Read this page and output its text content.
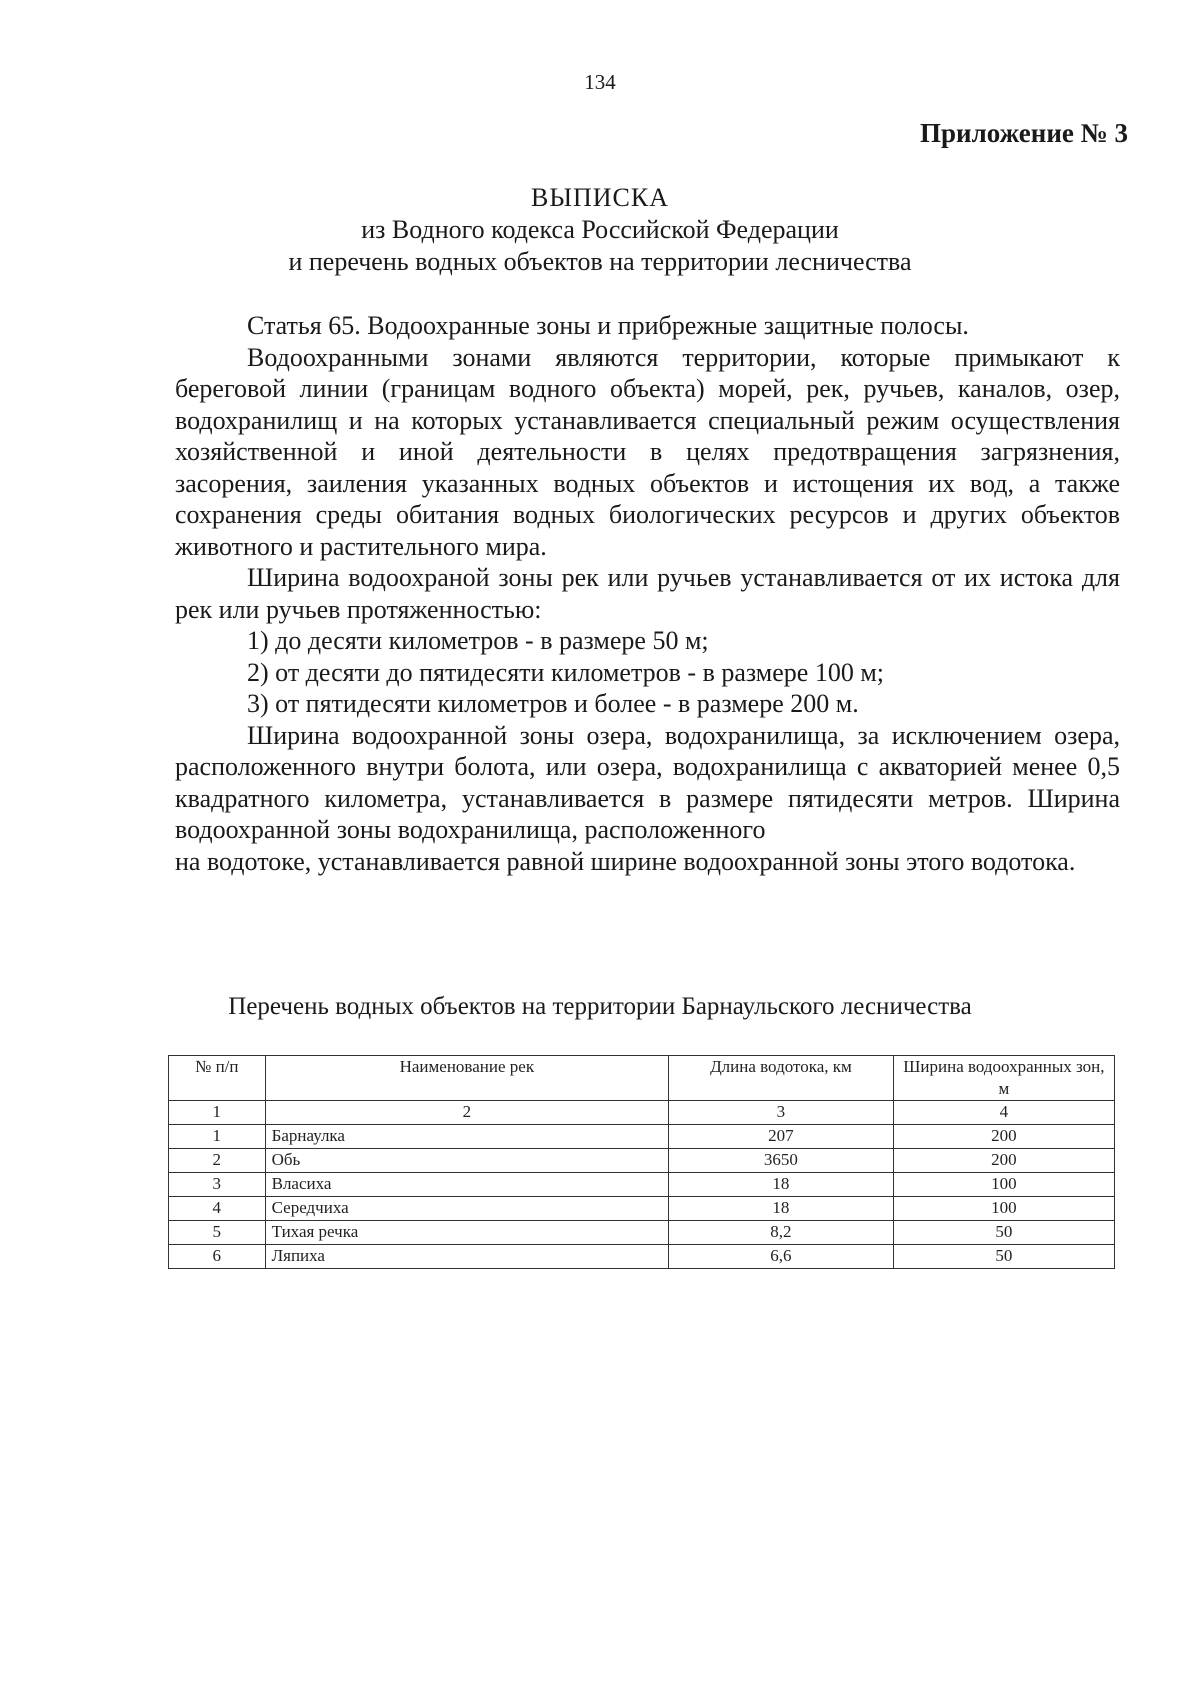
134
Приложение № 3
ВЫПИСКА
из Водного кодекса Российской Федерации
и перечень водных объектов на территории лесничества

Статья 65. Водоохранные зоны и прибрежные защитные полосы.

Водоохранными зонами являются территории, которые примыкают к береговой линии (границам водного объекта) морей, рек, ручьев, каналов, озер, водохранилищ и на которых устанавливается специальный режим осуществления хозяйственной и иной деятельности в целях предотвращения загрязнения, засорения, заиления указанных водных объектов и истощения их вод, а также сохранения среды обитания водных биологических ресурсов и других объектов животного и растительного мира.

Ширина водоохраной зоны рек или ручьев устанавливается от их истока для рек или ручьев протяженностью:

1) до десяти километров - в размере 50 м;

2) от десяти до пятидесяти километров - в размере 100 м;

3) от пятидесяти километров и более - в размере 200 м.

Ширина водоохранной зоны озера, водохранилища, за исключением озера, расположенного внутри болота, или озера, водохранилища с акваторией менее 0,5 квадратного километра, устанавливается в размере пятидесяти метров. Ширина водоохранной зоны водохранилища, расположенного

на водотоке, устанавливается равной ширине водоохранной зоны этого водотока.

Перечень водных объектов на территории Барнаульского лесничества
№ п/п	Наименование рек	Длина водотока, км	Ширина водоохранных зон, м
1	2	3	4
1	Барнаулка	207	200
2	Обь	3650	200
3	Власиха	18	100
4	Середчиха	18	100
5	Тихая речка	8,2	50
6	Ляпиха	6,6	50
